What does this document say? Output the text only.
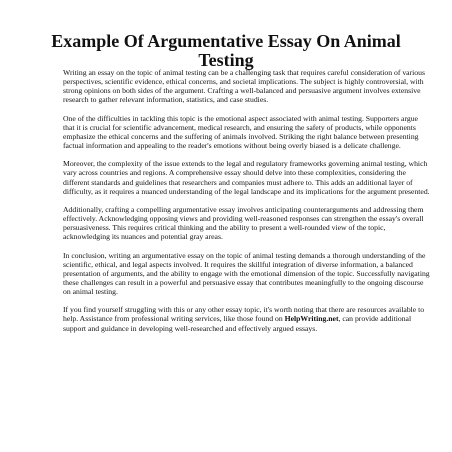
Example Of Argumentative Essay On Animal Testing

Writing an essay on the topic of animal testing can be a challenging task that requires careful consideration of various perspectives, scientific evidence, ethical concerns, and societal implications. The subject is highly controversial, with strong opinions on both sides of the argument. Crafting a well-balanced and persuasive argument involves extensive research to gather relevant information, statistics, and case studies.

One of the difficulties in tackling this topic is the emotional aspect associated with animal testing. Supporters argue that it is crucial for scientific advancement, medical research, and ensuring the safety of products, while opponents emphasize the ethical concerns and the suffering of animals involved. Striking the right balance between presenting factual information and appealing to the reader's emotions without being overly biased is a delicate challenge.

Moreover, the complexity of the issue extends to the legal and regulatory frameworks governing animal testing, which vary across countries and regions. A comprehensive essay should delve into these complexities, considering the different standards and guidelines that researchers and companies must adhere to. This adds an additional layer of difficulty, as it requires a nuanced understanding of the legal landscape and its implications for the argument presented.

Additionally, crafting a compelling argumentative essay involves anticipating counterarguments and addressing them effectively. Acknowledging opposing views and providing well-reasoned responses can strengthen the essay's overall persuasiveness. This requires critical thinking and the ability to present a well-rounded view of the topic, acknowledging its nuances and potential gray areas.

In conclusion, writing an argumentative essay on the topic of animal testing demands a thorough understanding of the scientific, ethical, and legal aspects involved. It requires the skillful integration of diverse information, a balanced presentation of arguments, and the ability to engage with the emotional dimension of the topic. Successfully navigating these challenges can result in a powerful and persuasive essay that contributes meaningfully to the ongoing discourse on animal testing.

If you find yourself struggling with this or any other essay topic, it's worth noting that there are resources available to help. Assistance from professional writing services, like those found on HelpWriting.net, can provide additional support and guidance in developing well-researched and effectively argued essays.
